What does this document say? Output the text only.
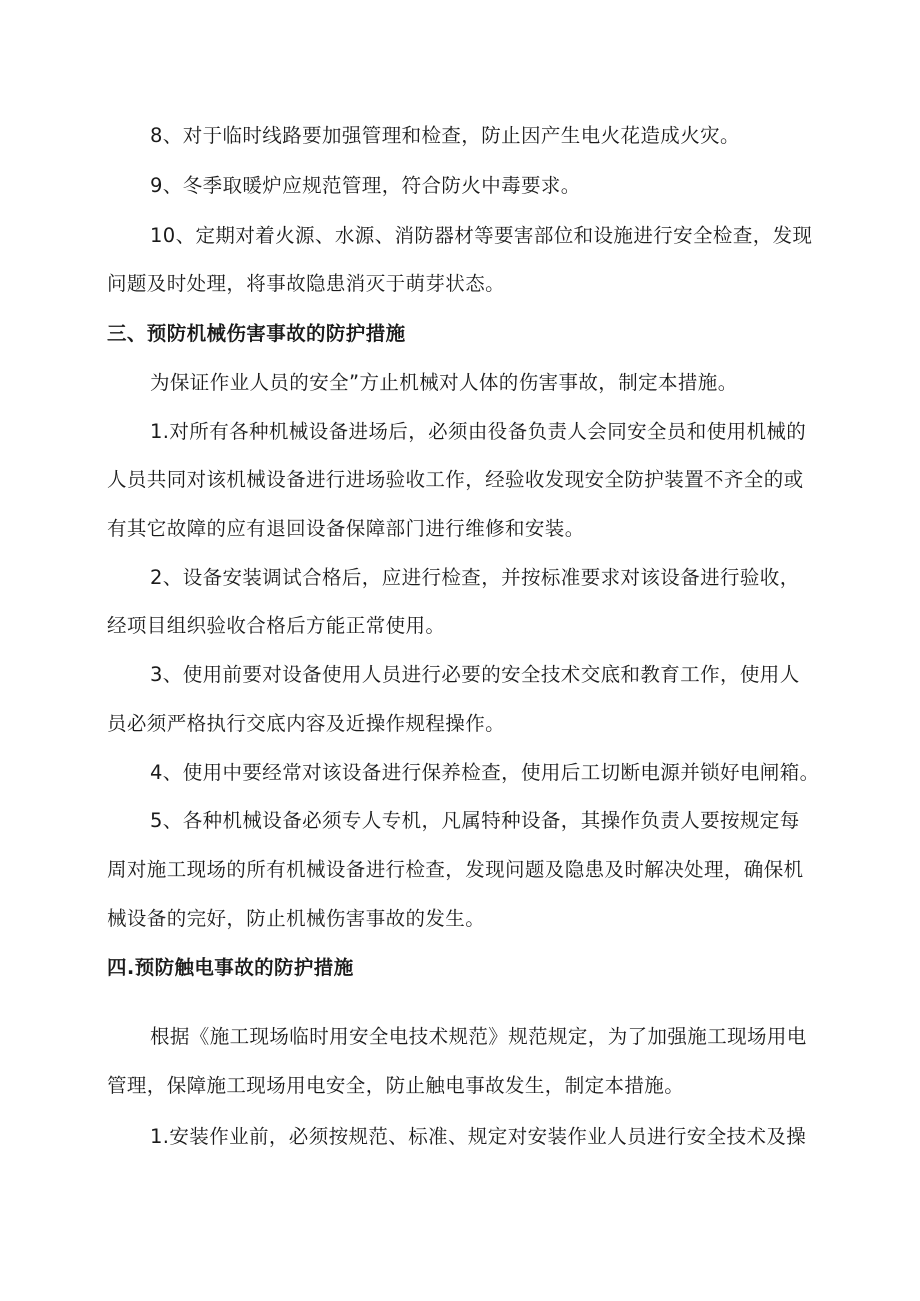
8、对于临时线路要加强管理和检查，防止因产生电火花造成火灾。
9、冬季取暖炉应规范管理，符合防火中毒要求。
10、定期对着火源、水源、消防器材等要害部位和设施进行安全检查，发现
问题及时处理，将事故隐患消灭于萌芽状态。
三、预防机械伤害事故的防护措施
为保证作业人员的安全”方止机械对人体的伤害事故，制定本措施。
1.对所有各种机械设备进场后，必须由役备负责人会同安全员和使用机械的
人员共同对该机械设备进行进场验收工作，经验收发现安全防护装置不齐全的或
有其它故障的应有退回设备保障部门进行维修和安装。
2、设备安装调试合格后，应进行检查，并按标准要求对该设备进行验收，
经项目组织验收合格后方能正常使用。
3、使用前要对设备使用人员进行必要的安全技术交底和教育工作，使用人
员必须严格执行交底内容及近操作规程操作。
4、使用中要经常对该设备进行保养检查，使用后工切断电源并锁好电闸箱。
5、各种机械设备必须专人专机，凡属特种设备，其操作负责人要按规定每
周对施工现场的所有机械设备进行检查，发现问题及隐患及时解决处理，确保机
械设备的完好，防止机械伤害事故的发生。
四.预防触电事故的防护措施
根据《施工现场临时用安全电技术规范》规范规定，为了加强施工现场用电
管理，保障施工现场用电安全，防止触电事故发生，制定本措施。
1.安装作业前，必须按规范、标准、规定对安装作业人员进行安全技术及操
